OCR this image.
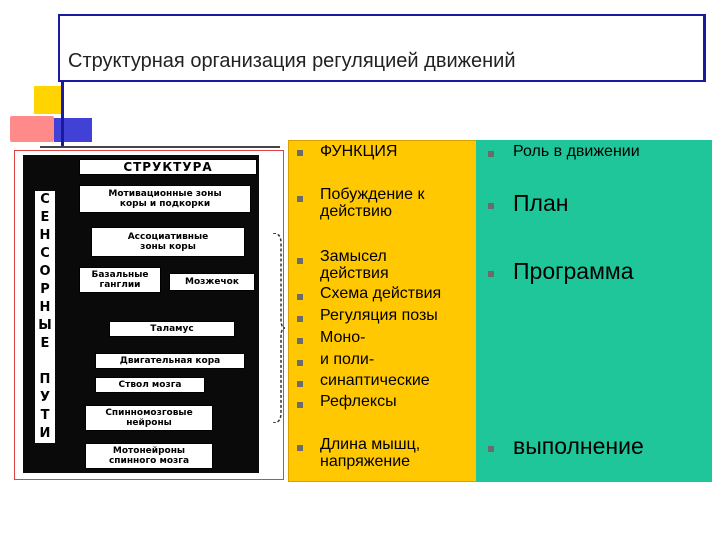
Структурная организация регуляцией движений
СТРУКТУРА
С
Е
Н
С
О
Р
Н
Ы
Е

П
У
Т
И
Мотивационные зоны
коры и подкорки
Ассоциативные
зоны коры
Базальные
ганглии	Мозжечок
Таламус
Двигательная кора
Ствол мозга
Спинномозговые
нейроны
Мотонейроны
спинного мозга
ФУНКЦИЯ
Побуждение к
действию
Замысел
действия
Схема действия
Регуляция позы
Моно-
и поли-
синаптические
Рефлексы
Длина мышц,
напряжение
Роль в движении
План
Программа
выполнение
